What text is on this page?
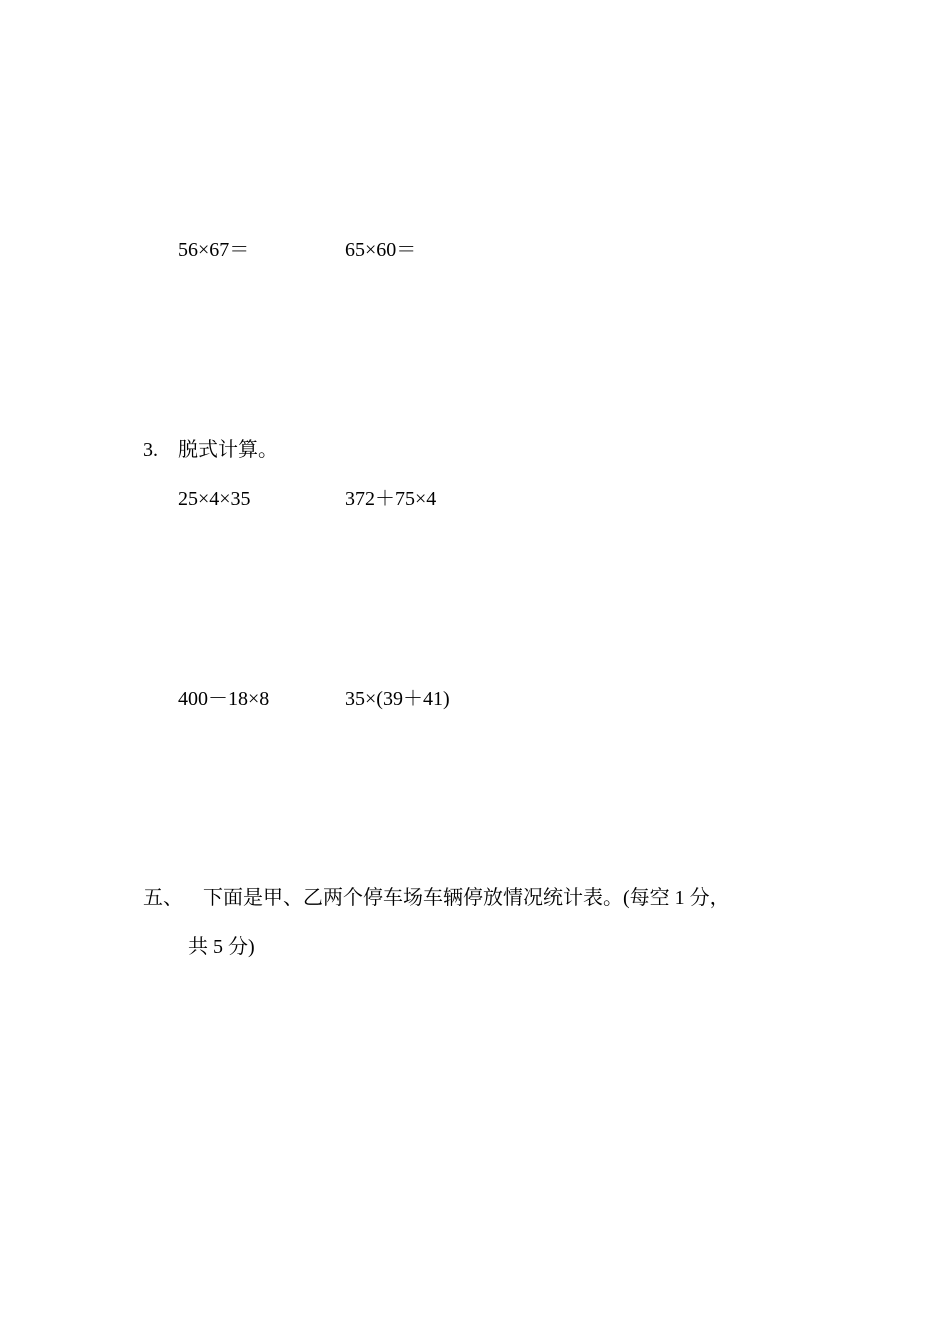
56×67＝	65×60＝
3. 脱式计算。
25×4×35	372＋75×4
400－18×8	35×(39＋41)
五、 下面是甲、乙两个停车场车辆停放情况统计表。(每空 1 分，
共 5 分)
